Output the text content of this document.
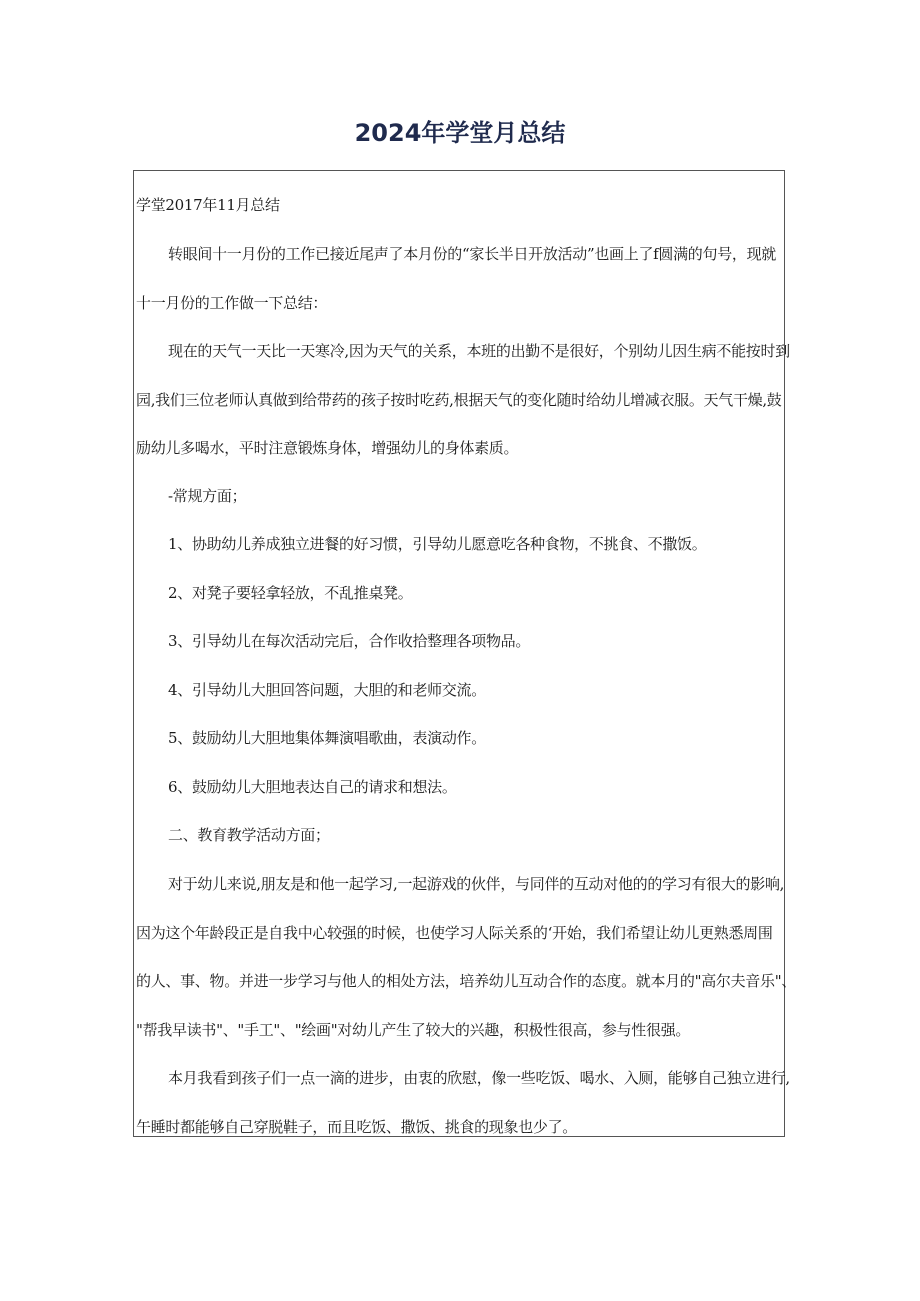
2024年学堂月总结
学堂2017年11月总结
转眼间十一月份的工作已接近尾声了本月份的“家长半日开放活动”也画上了f圆满的句号，现就
十一月份的工作做一下总结：
现在的天气一天比一天寒冷,因为天气的关系，本班的出勤不是很好，个别幼儿因生病不能按时到
园,我们三位老师认真做到给带药的孩子按时吃药,根据天气的变化随时给幼儿增减衣服。天气干燥,鼓
励幼儿多喝水，平时注意锻炼身体，增强幼儿的身体素质。
-常规方面；
1、协助幼儿养成独立进餐的好习惯，引导幼儿愿意吃各种食物，不挑食、不撒饭。
2、对凳子要轻拿轻放，不乱推桌凳。
3、引导幼儿在每次活动完后，合作收拾整理各项物品。
4、引导幼儿大胆回答问题，大胆的和老师交流。
5、鼓励幼儿大胆地集体舞演唱歌曲，表演动作。
6、鼓励幼儿大胆地表达自己的请求和想法。
二、教育教学活动方面；
对于幼儿来说,朋友是和他一起学习,一起游戏的伙伴，与同伴的互动对他的的学习有很大的影响,
因为这个年龄段正是自我中心较强的时候，也使学习人际关系的‘开始，我们希望让幼儿更熟悉周围
的人、事、物。并进一步学习与他人的相处方法，培养幼儿互动合作的态度。就本月的"高尔夫音乐"、
"帮我早读书"、"手工"、"绘画"对幼儿产生了较大的兴趣，积极性很高，参与性很强。
本月我看到孩子们一点一滴的进步，由衷的欣慰，像一些吃饭、喝水、入厕，能够自己独立进行,
午睡时都能够自己穿脱鞋子，而且吃饭、撒饭、挑食的现象也少了。
